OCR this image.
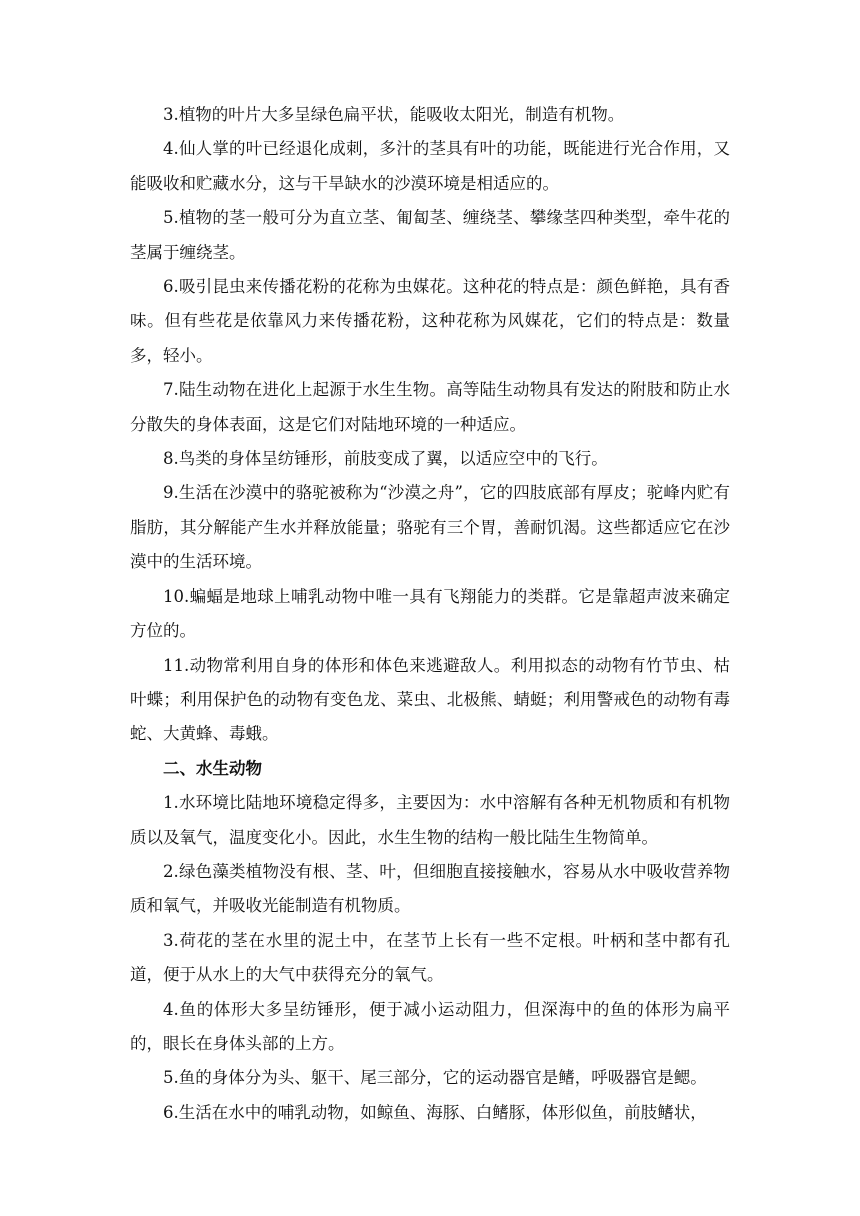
3.植物的叶片大多呈绿色扁平状，能吸收太阳光，制造有机物。

4.仙人掌的叶已经退化成刺，多汁的茎具有叶的功能，既能进行光合作用，又能吸收和贮藏水分，这与干旱缺水的沙漠环境是相适应的。

5.植物的茎一般可分为直立茎、匍匐茎、缠绕茎、攀缘茎四种类型，牵牛花的茎属于缠绕茎。

6.吸引昆虫来传播花粉的花称为虫媒花。这种花的特点是：颜色鲜艳，具有香味。但有些花是依靠风力来传播花粉，这种花称为风媒花，它们的特点是：数量多，轻小。

7.陆生动物在进化上起源于水生生物。高等陆生动物具有发达的附肢和防止水分散失的身体表面，这是它们对陆地环境的一种适应。

8.鸟类的身体呈纺锤形，前肢变成了翼，以适应空中的飞行。

9.生活在沙漠中的骆驼被称为“沙漠之舟”，它的四肢底部有厚皮；驼峰内贮有脂肪，其分解能产生水并释放能量；骆驼有三个胃，善耐饥渴。这些都适应它在沙漠中的生活环境。

10.蝙蝠是地球上哺乳动物中唯一具有飞翔能力的类群。它是靠超声波来确定方位的。

11.动物常利用自身的体形和体色来逃避敌人。利用拟态的动物有竹节虫、枯叶蝶；利用保护色的动物有变色龙、菜虫、北极熊、蜻蜓；利用警戒色的动物有毒蛇、大黄蜂、毒蛾。

二、水生动物

1.水环境比陆地环境稳定得多，主要因为：水中溶解有各种无机物质和有机物质以及氧气，温度变化小。因此，水生生物的结构一般比陆生生物简单。

2.绿色藻类植物没有根、茎、叶，但细胞直接接触水，容易从水中吸收营养物质和氧气，并吸收光能制造有机物质。

3.荷花的茎在水里的泥土中，在茎节上长有一些不定根。叶柄和茎中都有孔道，便于从水上的大气中获得充分的氧气。

4.鱼的体形大多呈纺锤形，便于减小运动阻力，但深海中的鱼的体形为扁平的，眼长在身体头部的上方。

5.鱼的身体分为头、躯干、尾三部分，它的运动器官是鳍，呼吸器官是鳃。

6.生活在水中的哺乳动物，如鲸鱼、海豚、白鳍豚，体形似鱼，前肢鳍状，
